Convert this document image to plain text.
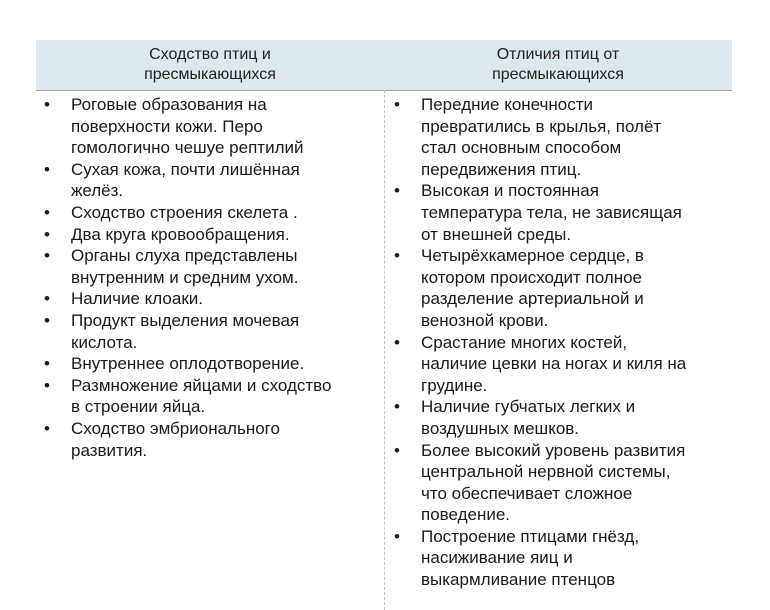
Сходство птиц и
пресмыкающихся
Отличия птиц от
пресмыкающихся
• Роговые образования на
поверхности кожи. Перо
гомологично чешуе рептилий
• Сухая кожа, почти лишённая
желёз.
• Сходство строения скелета .
• Два круга кровообращения.
• Органы слуха представлены
внутренним и средним ухом.
• Наличие клоаки.
• Продукт выделения мочевая
кислота.
• Внутреннее оплодотворение.
• Размножение яйцами и сходство
в строении яйца.
• Сходство эмбрионального
развития.
• Передние конечности
превратились в крылья, полёт
стал основным способом
передвижения птиц.
• Высокая и постоянная
температура тела, не зависящая
от внешней среды.
• Четырёхкамерное сердце, в
котором происходит полное
разделение артериальной и
венозной крови.
• Срастание многих костей,
наличие цевки на ногах и киля на
грудине.
• Наличие губчатых легких и
воздушных мешков.
• Более высокий уровень развития
центральной нервной системы,
что обеспечивает сложное
поведение.
• Построение птицами гнёзд,
насиживание яиц и
выкармливание птенцов
